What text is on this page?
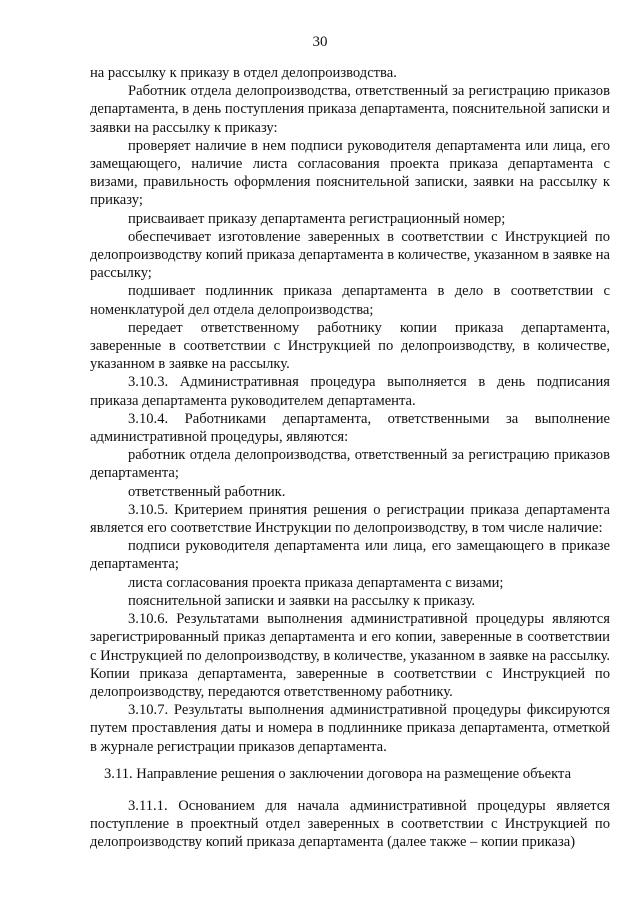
30

на рассылку к приказу в отдел делопроизводства.

Работник отдела делопроизводства, ответственный за регистрацию приказов департамента, в день поступления приказа департамента, пояснительной записки и заявки на рассылку к приказу:

проверяет наличие в нем подписи руководителя департамента или лица, его замещающего, наличие листа согласования проекта приказа департамента с визами, правильность оформления пояснительной записки, заявки на рассылку к приказу;

присваивает приказу департамента регистрационный номер;

обеспечивает изготовление заверенных в соответствии с Инструкцией по делопроизводству копий приказа департамента в количестве, указанном в заявке на рассылку;

подшивает подлинник приказа департамента в дело в соответствии с номенклатурой дел отдела делопроизводства;

передает ответственному работнику копии приказа департамента, заверенные в соответствии с Инструкцией по делопроизводству, в количестве, указанном в заявке на рассылку.

3.10.3. Административная процедура выполняется в день подписания приказа департамента руководителем департамента.

3.10.4. Работниками департамента, ответственными за выполнение административной процедуры, являются:

работник отдела делопроизводства, ответственный за регистрацию приказов департамента;

ответственный работник.

3.10.5. Критерием принятия решения о регистрации приказа департамента является его соответствие Инструкции по делопроизводству, в том числе наличие:

подписи руководителя департамента или лица, его замещающего в приказе департамента;

листа согласования проекта приказа департамента с визами;

пояснительной записки и заявки на рассылку к приказу.

3.10.6. Результатами выполнения административной процедуры являются зарегистрированный приказ департамента и его копии, заверенные в соответствии с Инструкцией по делопроизводству, в количестве, указанном в заявке на рассылку. Копии приказа департамента, заверенные в соответствии с Инструкцией по делопроизводству, передаются ответственному работнику.

3.10.7. Результаты выполнения административной процедуры фиксируются путем проставления даты и номера в подлиннике приказа департамента, отметкой в журнале регистрации приказов департамента.

3.11. Направление решения о заключении договора на размещение объекта

3.11.1. Основанием для начала административной процедуры является поступление в проектный отдел заверенных в соответствии с Инструкцией по делопроизводству копий приказа департамента (далее также – копии приказа)
